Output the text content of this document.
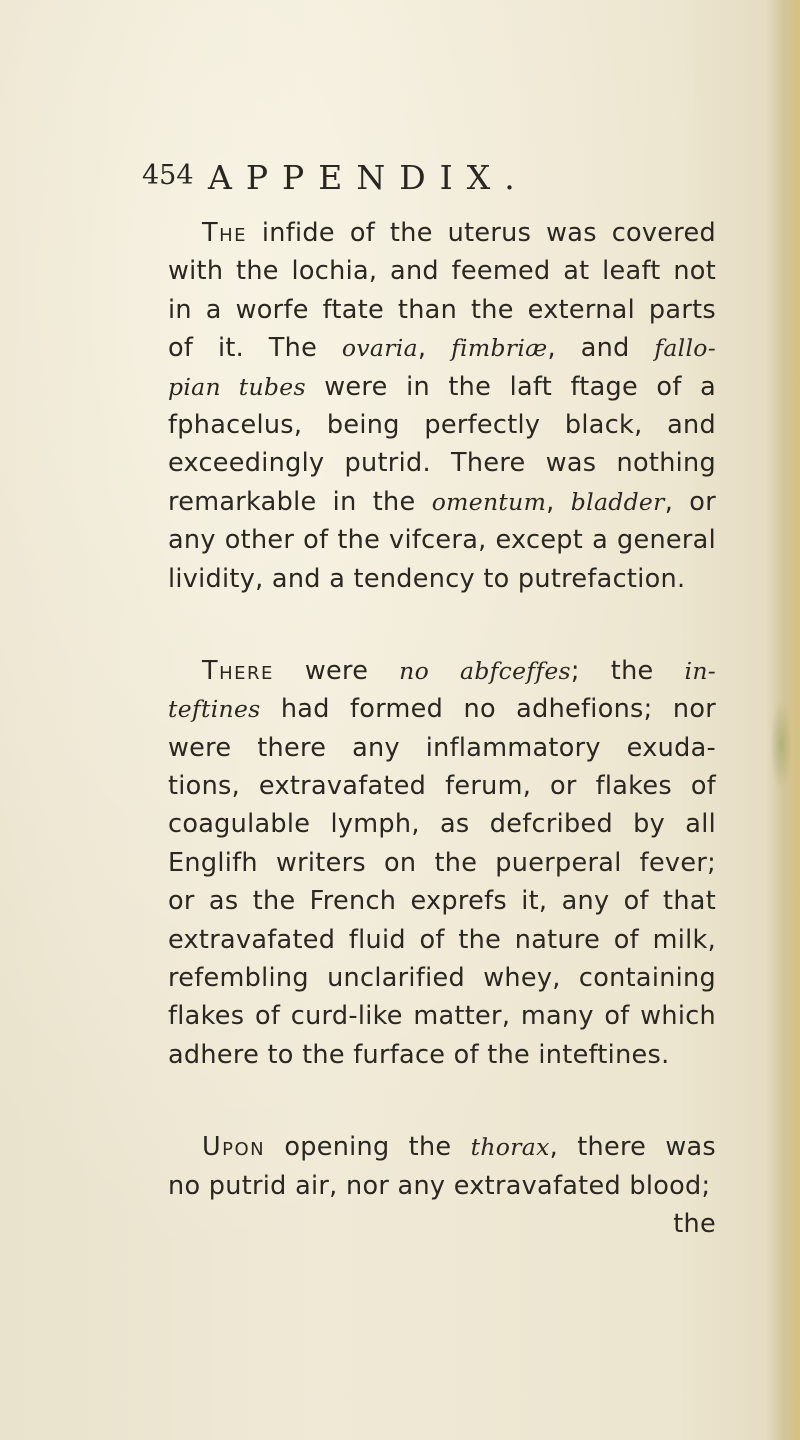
454 APPENDIX.
The infide of the uterus was covered
with the lochia, and feemed at leaft not
in a worfe ftate than the external parts
of it. The ovaria, fimbriæ, and fallo-
pian tubes were in the laft ftage of a
fphacelus, being perfectly black, and
exceedingly putrid. There was nothing
remarkable in the omentum, bladder, or
any other of the vifcera, except a general
lividity, and a tendency to putrefaction.
There were no abfceffes; the in-
teftines had formed no adhefions; nor
were there any inflammatory exuda-
tions, extravafated ferum, or flakes of
coagulable lymph, as defcribed by all
Englifh writers on the puerperal fever;
or as the French exprefs it, any of that
extravafated fluid of the nature of milk,
refembling unclarified whey, containing
flakes of curd-like matter, many of which
adhere to the furface of the inteftines.
Upon opening the thorax, there was
no putrid air, nor any extravafated blood;
the
